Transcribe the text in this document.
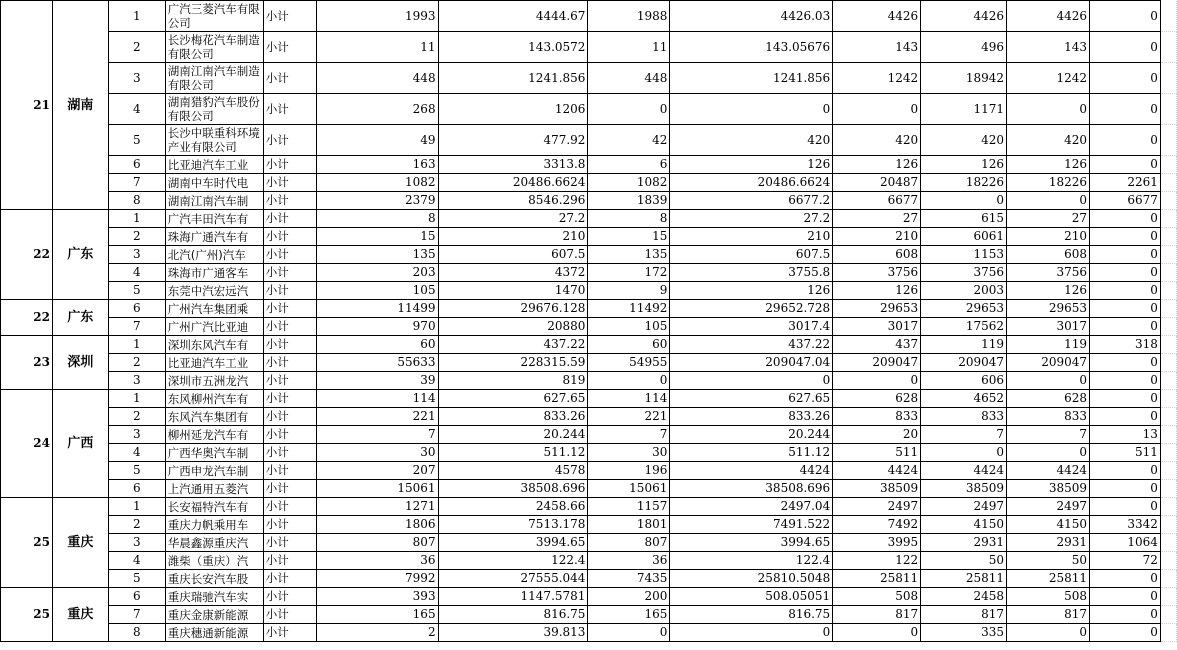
21	湖南	1	广汽三菱汽车有限公司	小计	1993	4444.67	1988	4426.03	4426	4426	4426	0	
		2	长沙梅花汽车制造有限公司	小计	11	143.0572	11	143.05676	143	496	143	0	
		3	湖南江南汽车制造有限公司	小计	448	1241.856	448	1241.856	1242	18942	1242	0	
		4	湖南猎豹汽车股份有限公司	小计	268	1206	0	0	0	1171	0	0	
		5	长沙中联重科环境产业有限公司	小计	49	477.92	42	420	420	420	420	0	
		6	比亚迪汽车工业	小计	163	3313.8	6	126	126	126	126	0	
		7	湖南中车时代电	小计	1082	20486.6624	1082	20486.6624	20487	18226	18226	2261	
		8	湖南江南汽车制	小计	2379	8546.296	1839	6677.2	6677	0	0	6677	
22	广东	1	广汽丰田汽车有	小计	8	27.2	8	27.2	27	615	27	0	
		2	珠海广通汽车有	小计	15	210	15	210	210	6061	210	0	
		3	北汽(广州)汽车	小计	135	607.5	135	607.5	608	1153	608	0	
		4	珠海市广通客车	小计	203	4372	172	3755.8	3756	3756	3756	0	
		5	东莞中汽宏远汽	小计	105	1470	9	126	126	2003	126	0	
22	广东	6	广州汽车集团乘	小计	11499	29676.128	11492	29652.728	29653	29653	29653	0	
		7	广州广汽比亚迪	小计	970	20880	105	3017.4	3017	17562	3017	0	
23	深圳	1	深圳东风汽车有	小计	60	437.22	60	437.22	437	119	119	318	
		2	比亚迪汽车工业	小计	55633	228315.59	54955	209047.04	209047	209047	209047	0	
		3	深圳市五洲龙汽	小计	39	819	0	0	0	606	0	0	
24	广西	1	东风柳州汽车有	小计	114	627.65	114	627.65	628	4652	628	0	
		2	东风汽车集团有	小计	221	833.26	221	833.26	833	833	833	0	
		3	柳州延龙汽车有	小计	7	20.244	7	20.244	20	7	7	13	
		4	广西华奥汽车制	小计	30	511.12	30	511.12	511	0	0	511	
		5	广西申龙汽车制	小计	207	4578	196	4424	4424	4424	4424	0	
		6	上汽通用五菱汽	小计	15061	38508.696	15061	38508.696	38509	38509	38509	0	
25	重庆	1	长安福特汽车有	小计	1271	2458.66	1157	2497.04	2497	2497	2497	0	
		2	重庆力帆乘用车	小计	1806	7513.178	1801	7491.522	7492	4150	4150	3342	
		3	华晨鑫源重庆汽	小计	807	3994.65	807	3994.65	3995	2931	2931	1064	
		4	潍柴（重庆）汽	小计	36	122.4	36	122.4	122	50	50	72	
		5	重庆长安汽车股	小计	7992	27555.044	7435	25810.5048	25811	25811	25811	0	
25	重庆	6	重庆瑞驰汽车实	小计	393	1147.5781	200	508.05051	508	2458	508	0	
		7	重庆金康新能源	小计	165	816.75	165	816.75	817	817	817	0	
		8	重庆穗通新能源	小计	2	39.813	0	0	0	335	0	0	
